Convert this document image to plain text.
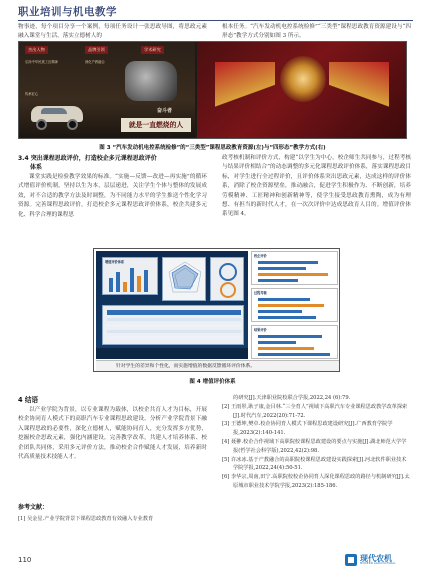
职业培训与机电教学

物事迹，每个项目分享一个案例，每项任务设计一张思政导图，将思政元素融入课堂与生活，落实立德树人的

根本任务。“汽车发动机电控系统检修”“三类型”课程思政教育资源建设与“四形态”教学方式分别如图 3 所示。

杰出人物	品牌引领	学术研究
弘扬中华民族工匠精神	深化产教融合
传承匠心
奋斗者
就是一直燃烧的人
图 3 “汽车发动机电控系统检修”的“三类型”课程思政教育资源(左)与“四形态”教学方式(右)
3.4 突出课程思政评价，打造校企多元课程思政评价
体系

课堂实践是检验教学效果的标准。“实施—反馈—改进—再实施”的循环式增值评价机制，坚持以生为本，层层递进，关注学生个体与整体的发展成效，对不合适的教学方法及时调整，为不同能力水平的学生推送个性化学习资源。完善课程思政评价，打造校企多元课程思政评价体系，校企共建多元化、科学合理的课程思

政考核机制和评价方式，构建“以学生为中心，校企师生共同参与，过程考核与结果评价相结合”的动态调整的多元化课程思政评价体系，落实课程思政目标，对学生进行全过程评价，且评价体系突出思政元素，达成这样的评价体系，消除了校企资源壁垒，推动融合，促进学生积极作为、不断创新，培养劳模精神、工匠精神和创新精神等，使学生接受思政教育熏陶，成为有理想、有担当的新时代人才，在一次次评价中达成思政育人目的。增值评价体系见图 4。

增值评价体系
校企评价
过程考核
结果评价
针对学生的差异和个性化，而实施增值的数据反馈循环评价体系。
图 4 增值评价体系
4 结语

以产业学院为背景，以专业课程为载体，以校企共育人才为目标，开展校企协同育人模式下的高职汽车专业课程思政建设。分析产业学院背景下融入课程思政的必要性，深化立德树人，赋能协同育人，充分发挥多方优势，挖掘校企思政元素，强化内涵建设，完善教学改革，共建人才培养体系、校企团队共同体，采用多元评价方法，推动校企合作赋能人才发展，培养新时代高质量技术技能人才。

参考文献：
[1] 吴金星.产业学院背景下课程思政教育有效融入专业教育
的研究[J].天津职业院校联合学报,2022,24 (6):79.
[2] 王雨彤,耿子康,金目林.“三全育人”视域下高职汽车专业课程思政教学改革探索[J].时代汽车,2022(20):71-72.
[3] 王德坤,樊卓.校企协同育人模式下课程思政建设研究[J].广西教育学院学报,2023(2):140-141.
[4] 聂翀.校企合作视域下高职院校课程思政建设的要点与实施[J].湖北师范大学学报(哲学社会科学版),2022,42(2):98.
[5] 许冰冰.基于产教融合的高职院校课程思政建设实践探索[J].河北软件职业技术学院学报,2022,24(4):50-51.
[6] 李华宗,周南,田宁.高职院校校企协同育人深化课程思政的路径与机制研究[J].太原城市职业技术学院学报,2023(2):185-186.
110	现代农机
MODERN AGRICULTURAL
